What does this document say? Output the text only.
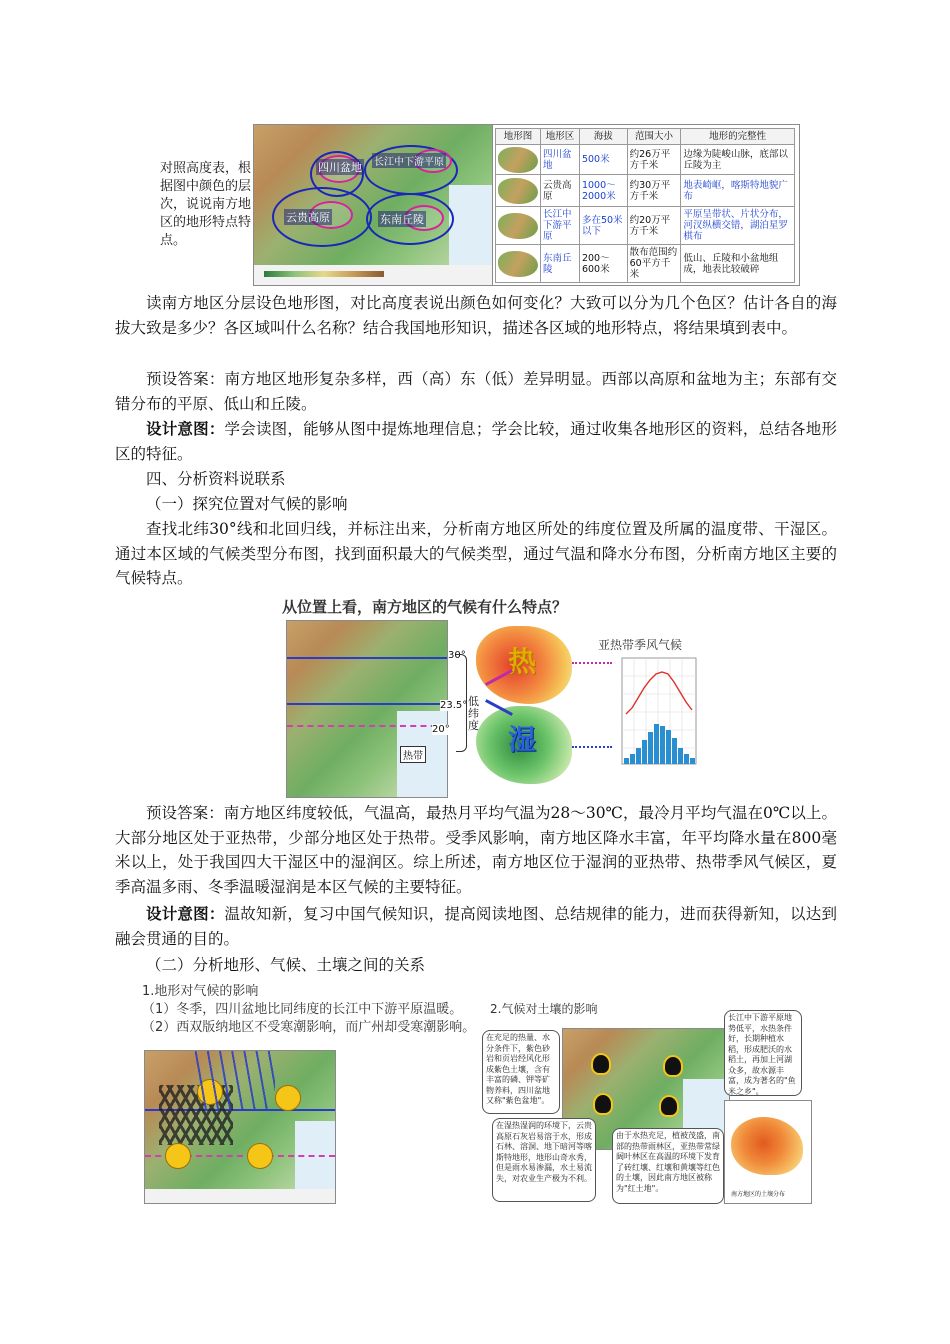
四川盆地 长江中下游平原
云贵高原	东南丘陵
对照高度表，根据图中颜色的层次，说说南方地区的地形特点特点。
地形图	地形区	海拔	范围大小	地形的完整性

	四川盆地	500米	约26万平方千米	边缘为陡峻山脉，底部以丘陵为主

	云贵高原	1000～2000米	约30万平方千米	地表崎岖，喀斯特地貌广布

	长江中下游平原	多在50米以下	约20万平方千米	平原呈带状、片状分布，河汊纵横交错，湖泊星罗棋布

	东南丘陵	200～600米	散布范围约60平方千米	低山、丘陵和小盆地组成，地表比较破碎

读南方地区分层设色地形图，对比高度表说出颜色如何变化？大致可以分为几个色区？估计各自的海拔大致是多少？各区域叫什么名称？结合我国地形知识，描述各区域的地形特点，将结果填到表中。

预设答案：南方地区地形复杂多样，西（高）东（低）差异明显。西部以高原和盆地为主；东部有交错分布的平原、低山和丘陵。

设计意图：学会读图，能够从图中提炼地理信息；学会比较，通过收集各地形区的资料，总结各地形区的特征。

四、分析资料说联系

（一）探究位置对气候的影响

查找北纬30°线和北回归线，并标注出来，分析南方地区所处的纬度位置及所属的温度带、干湿区。通过本区域的气候类型分布图，找到面积最大的气候类型，通过气温和降水分布图，分析南方地区主要的气候特点。

从位置上看，南方地区的气候有什么特点？
30°
23.5°
20°
热带
低纬度
热
湿
亚热带季风气候

预设答案：南方地区纬度较低，气温高，最热月平均气温为28～30℃，最冷月平均气温在0℃以上。大部分地区处于亚热带，少部分地区处于热带。受季风影响，南方地区降水丰富，年平均降水量在800毫米以上，处于我国四大干湿区中的湿润区。综上所述，南方地区位于湿润的亚热带、热带季风气候区，夏季高温多雨、冬季温暖湿润是本区气候的主要特征。

设计意图：温故知新，复习中国气候知识，提高阅读地图、总结规律的能力，进而获得新知，以达到融会贯通的目的。

（二）分析地形、气候、土壤之间的关系

1.地形对气候的影响
（1）冬季，四川盆地比同纬度的长江中下游平原温暖。
（2）西双版纳地区不受寒潮影响，而广州却受寒潮影响。
2.气候对土壤的影响
在充足的热量、水分条件下，紫色砂岩和页岩经风化形成紫色土壤，含有丰富的磷、钾等矿物养料，四川盆地又称"紫色盆地"。
长江中下游平原地势低平，水热条件好，长期种植水稻，形成肥沃的水稻土，再加上河湖众多，故水源丰富，成为著名的"鱼米之乡"。
在湿热湿润的环境下，云贵高原石灰岩易溶于水，形成石林、溶洞、地下暗河等喀斯特地形，地形山奇水秀，但是雨水易渗漏，水土易流失，对农业生产极为不利。
由于水热充足，植被茂盛，南部的热带雨林区，亚热带常绿阔叶林区在高温的环境下发育了砖红壤、红壤和黄壤等红色的土壤，因此南方地区被称为"红土地"。
南方地区的土壤分布
